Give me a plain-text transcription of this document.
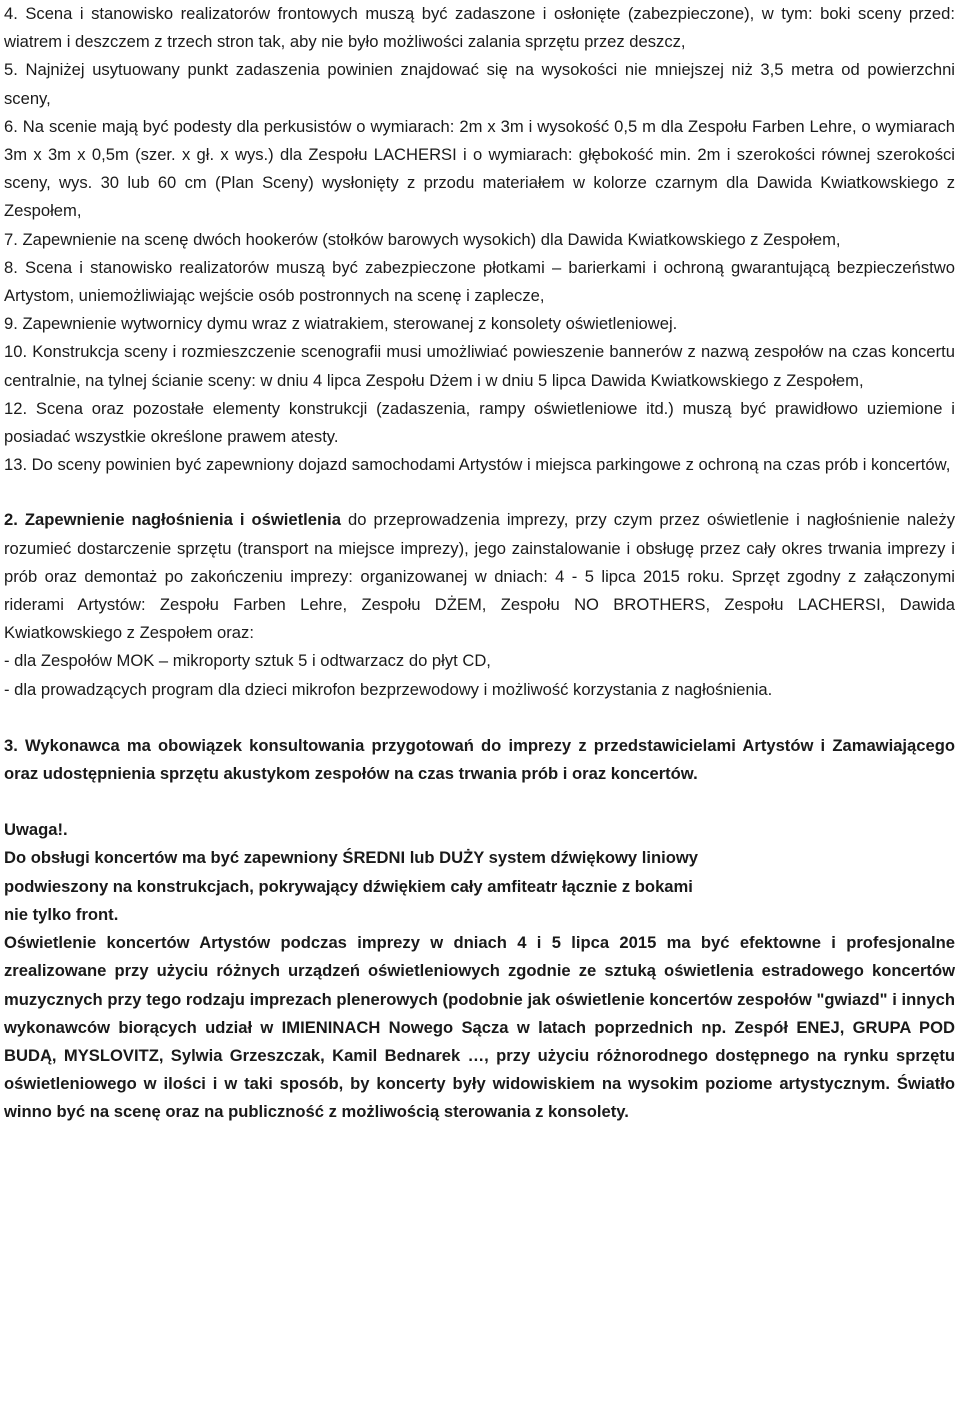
4. Scena i stanowisko realizatorów frontowych muszą być zadaszone i osłonięte (zabezpieczone), w tym: boki sceny przed: wiatrem i deszczem z trzech stron tak, aby nie było możliwości zalania sprzętu przez deszcz,

5. Najniżej usytuowany punkt zadaszenia powinien znajdować się na wysokości nie mniejszej niż 3,5 metra od powierzchni sceny,

6. Na scenie mają być podesty dla perkusistów o wymiarach: 2m x 3m i wysokość 0,5 m dla Zespołu Farben Lehre, o wymiarach 3m x 3m x 0,5m (szer. x gł. x wys.) dla Zespołu LACHERSI i o wymiarach: głębokość min. 2m i szerokości równej szerokości sceny, wys. 30 lub 60 cm (Plan Sceny) wysłonięty z przodu materiałem w kolorze czarnym dla Dawida Kwiatkowskiego z Zespołem,

7. Zapewnienie na scenę dwóch hookerów (stołków barowych wysokich) dla Dawida Kwiatkowskiego z Zespołem,

8. Scena i stanowisko realizatorów muszą być zabezpieczone płotkami – barierkami i ochroną gwarantującą bezpieczeństwo Artystom, uniemożliwiając wejście osób postronnych na scenę i zaplecze,

9. Zapewnienie wytwornicy dymu wraz z wiatrakiem, sterowanej z konsolety oświetleniowej.

10. Konstrukcja sceny i rozmieszczenie scenografii musi umożliwiać powieszenie bannerów z nazwą zespołów na czas koncertu centralnie, na tylnej ścianie sceny: w dniu 4 lipca Zespołu Dżem i w dniu 5 lipca Dawida Kwiatkowskiego z Zespołem,

12. Scena oraz pozostałe elementy konstrukcji (zadaszenia, rampy oświetleniowe itd.) muszą być prawidłowo uziemione i posiadać wszystkie określone prawem atesty.

13. Do sceny powinien być zapewniony dojazd samochodami Artystów i miejsca parkingowe z ochroną na czas prób i koncertów,

2. Zapewnienie nagłośnienia i oświetlenia do przeprowadzenia imprezy, przy czym przez oświetlenie i nagłośnienie należy rozumieć dostarczenie sprzętu (transport na miejsce imprezy), jego zainstalowanie i obsługę przez cały okres trwania imprezy i prób oraz demontaż po zakończeniu imprezy: organizowanej w dniach: 4 - 5 lipca 2015 roku. Sprzęt zgodny z załączonymi riderami Artystów: Zespołu Farben Lehre, Zespołu DŻEM, Zespołu NO BROTHERS, Zespołu LACHERSI, Dawida Kwiatkowskiego z Zespołem oraz:

- dla Zespołów MOK – mikroporty sztuk 5 i odtwarzacz do płyt CD,

- dla prowadzących program dla dzieci mikrofon bezprzewodowy i możliwość korzystania z nagłośnienia.

3. Wykonawca ma obowiązek konsultowania przygotowań do imprezy z przedstawicielami Artystów i Zamawiającego oraz udostępnienia sprzętu akustykom zespołów na czas trwania prób i oraz koncertów.

Uwaga!.

Do obsługi koncertów ma być zapewniony ŚREDNI lub DUŻY system dźwiękowy liniowy

podwieszony na konstrukcjach, pokrywający dźwiękiem cały amfiteatr łącznie z bokami

nie tylko front.

Oświetlenie koncertów Artystów podczas imprezy w dniach 4 i 5 lipca 2015 ma być efektowne i profesjonalne zrealizowane przy użyciu różnych urządzeń oświetleniowych zgodnie ze sztuką oświetlenia estradowego koncertów muzycznych przy tego rodzaju imprezach plenerowych (podobnie jak oświetlenie koncertów zespołów "gwiazd" i innych wykonawców biorących udział w IMIENINACH Nowego Sącza w latach poprzednich np. Zespół ENEJ, GRUPA POD BUDĄ, MYSLOVITZ, Sylwia Grzeszczak, Kamil Bednarek …, przy użyciu różnorodnego dostępnego na rynku sprzętu oświetleniowego w ilości i w taki sposób, by koncerty były widowiskiem na wysokim poziome artystycznym. Światło winno być na scenę oraz na publiczność z możliwością sterowania z konsolety.
